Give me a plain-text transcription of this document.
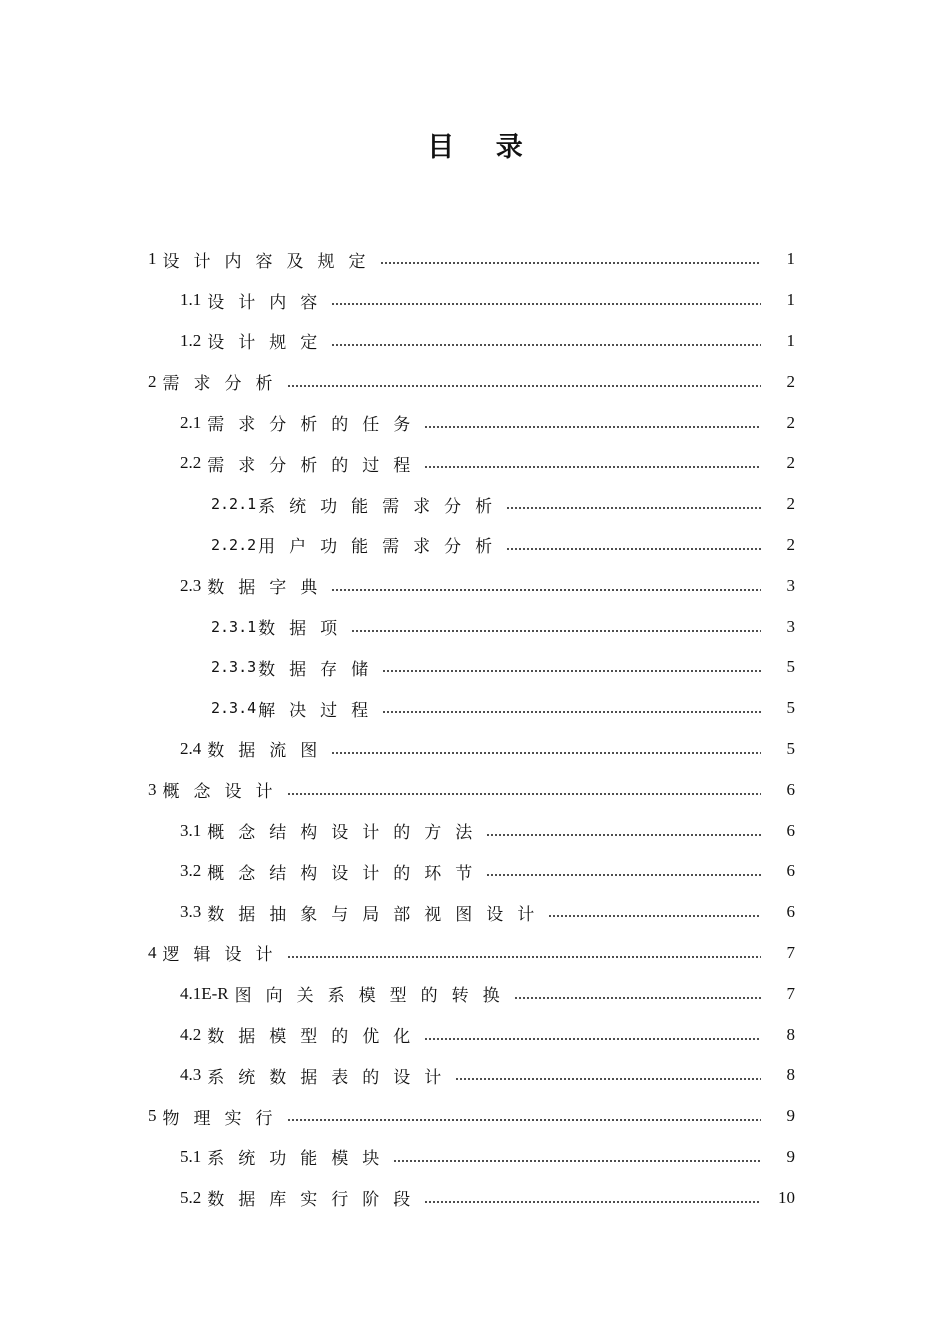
目 录
1 设计内容及规定	1
1.1 设计内容	1
1.2 设计规定	1
2 需求分析	2
2.1 需求分析的任务	2
2.2 需求分析的过程	2
2.2.1 系统功能需求分析	2
2.2.2 用户功能需求分析	2
2.3 数据字典	3
2.3.1 数据项	3
2.3.3 数据存储	5
2.3.4 解决过程	5
2.4 数据流图	5
3 概念设计	6
3.1 概念结构设计的方法	6
3.2 概念结构设计的环节	6
3.3 数据抽象与局部视图设计	6
4 逻辑设计	7
4.1E-R 图向关系模型的转换	7
4.2 数据模型的优化	8
4.3 系统数据表的设计	8
5 物理实行	9
5.1 系统功能模块	9
5.2 数据库实行阶段	10
